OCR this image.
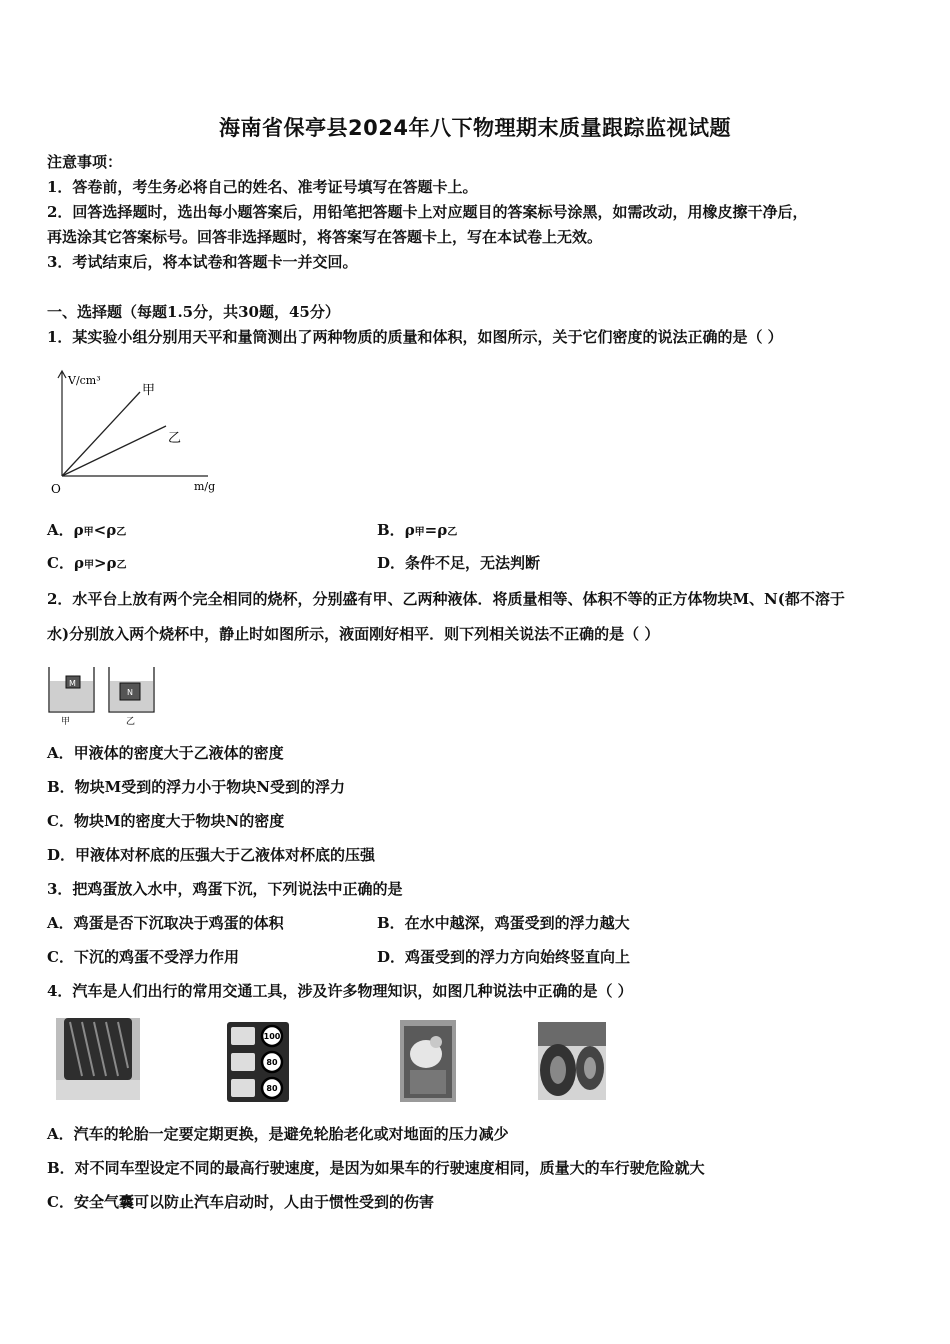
海南省保亭县2024年八下物理期末质量跟踪监视试题
注意事项：
1．答卷前，考生务必将自己的姓名、准考证号填写在答题卡上。
2．回答选择题时，选出每小题答案后，用铅笔把答题卡上对应题目的答案标号涂黑，如需改动，用橡皮擦干净后，
再选涂其它答案标号。回答非选择题时，将答案写在答题卡上，写在本试卷上无效。
3．考试结束后，将本试卷和答题卡一并交回。
一、选择题（每题1.5分，共30题，45分）
1．某实验小组分别用天平和量筒测出了两种物质的质量和体积，如图所示，关于它们密度的说法正确的是（ ）
V/cm³
m/g
O
甲
乙
A．ρ甲<ρ乙	B．ρ甲=ρ乙
C．ρ甲>ρ乙	D．条件不足，无法判断
2．水平台上放有两个完全相同的烧杯，分别盛有甲、乙两种液体．将质量相等、体积不等的正方体物块M、N(都不溶于
水)分别放入两个烧杯中，静止时如图所示，液面刚好相平．则下列相关说法不正确的是（ ）
M
甲
N
乙
A．甲液体的密度大于乙液体的密度
B．物块M受到的浮力小于物块N受到的浮力
C．物块M的密度大于物块N的密度
D．甲液体对杯底的压强大于乙液体对杯底的压强
3．把鸡蛋放入水中，鸡蛋下沉，下列说法中正确的是
A．鸡蛋是否下沉取决于鸡蛋的体积	B．在水中越深，鸡蛋受到的浮力越大
C．下沉的鸡蛋不受浮力作用	D．鸡蛋受到的浮力方向始终竖直向上
4．汽车是人们出行的常用交通工具，涉及许多物理知识，如图几种说法中正确的是（ ）
100
80
80
A．汽车的轮胎一定要定期更换，是避免轮胎老化或对地面的压力减少
B．对不同车型设定不同的最高行驶速度，是因为如果车的行驶速度相同，质量大的车行驶危险就大
C．安全气囊可以防止汽车启动时，人由于惯性受到的伤害
